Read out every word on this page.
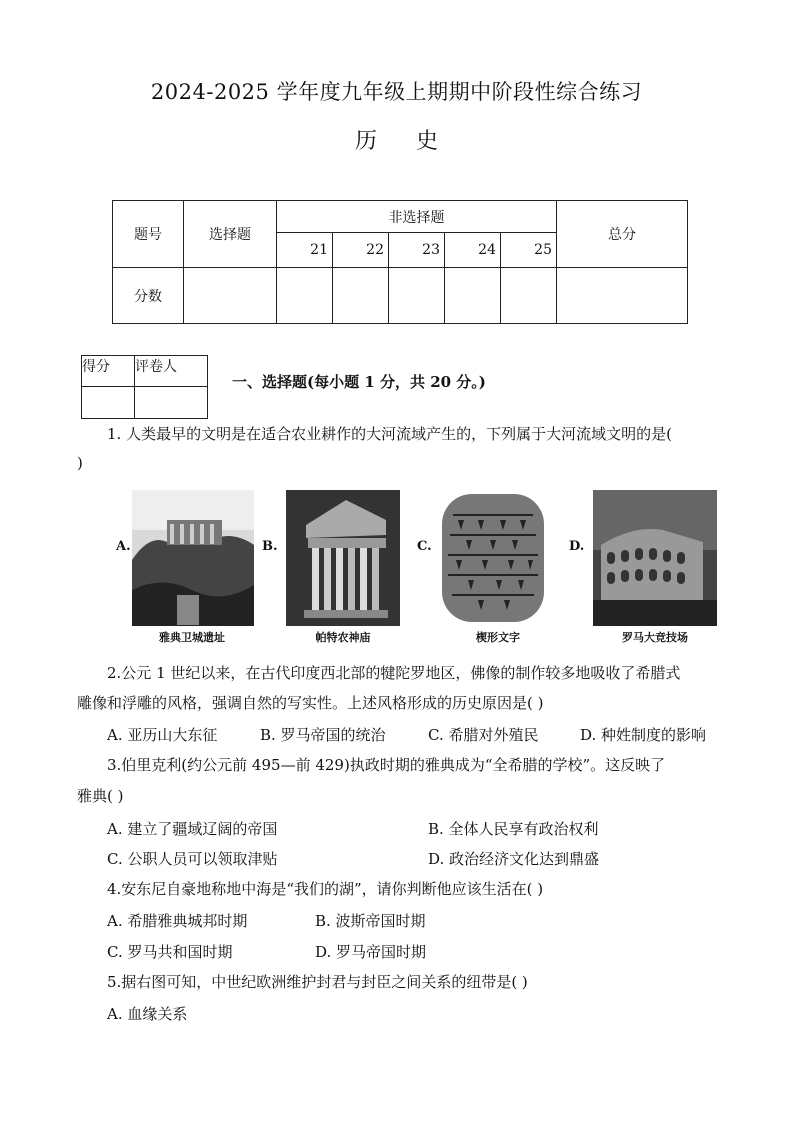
2024-2025 学年度九年级上期期中阶段性综合练习
历 史
题号	选择题	非选择题					总分
		21	22	23	24	25	
分数							
得分	评卷人

一、选择题(每小题 1 分，共 20 分。)
1. 人类最早的文明是在适合农业耕作的大河流域产生的，下列属于大河流域文明的是(
)
A.
雅典卫城遗址
B.
帕特农神庙
C.
楔形文字
D.
罗马大竞技场
2.公元 1 世纪以来，在古代印度西北部的犍陀罗地区，佛像的制作较多地吸收了希腊式
雕像和浮雕的风格，强调自然的写实性。上述风格形成的历史原因是( )
A. 亚历山大东征	B. 罗马帝国的统治	C. 希腊对外殖民	D. 种姓制度的影响
3.伯里克利(约公元前 495—前 429)执政时期的雅典成为“全希腊的学校”。这反映了
雅典( )
A. 建立了疆域辽阔的帝国	B. 全体人民享有政治权利
C. 公职人员可以领取津贴	D. 政治经济文化达到鼎盛
4.安东尼自豪地称地中海是“我们的湖”，请你判断他应该生活在( )
A. 希腊雅典城邦时期	B. 波斯帝国时期
C. 罗马共和国时期	D. 罗马帝国时期
5.据右图可知，中世纪欧洲维护封君与封臣之间关系的纽带是( )
A. 血缘关系
